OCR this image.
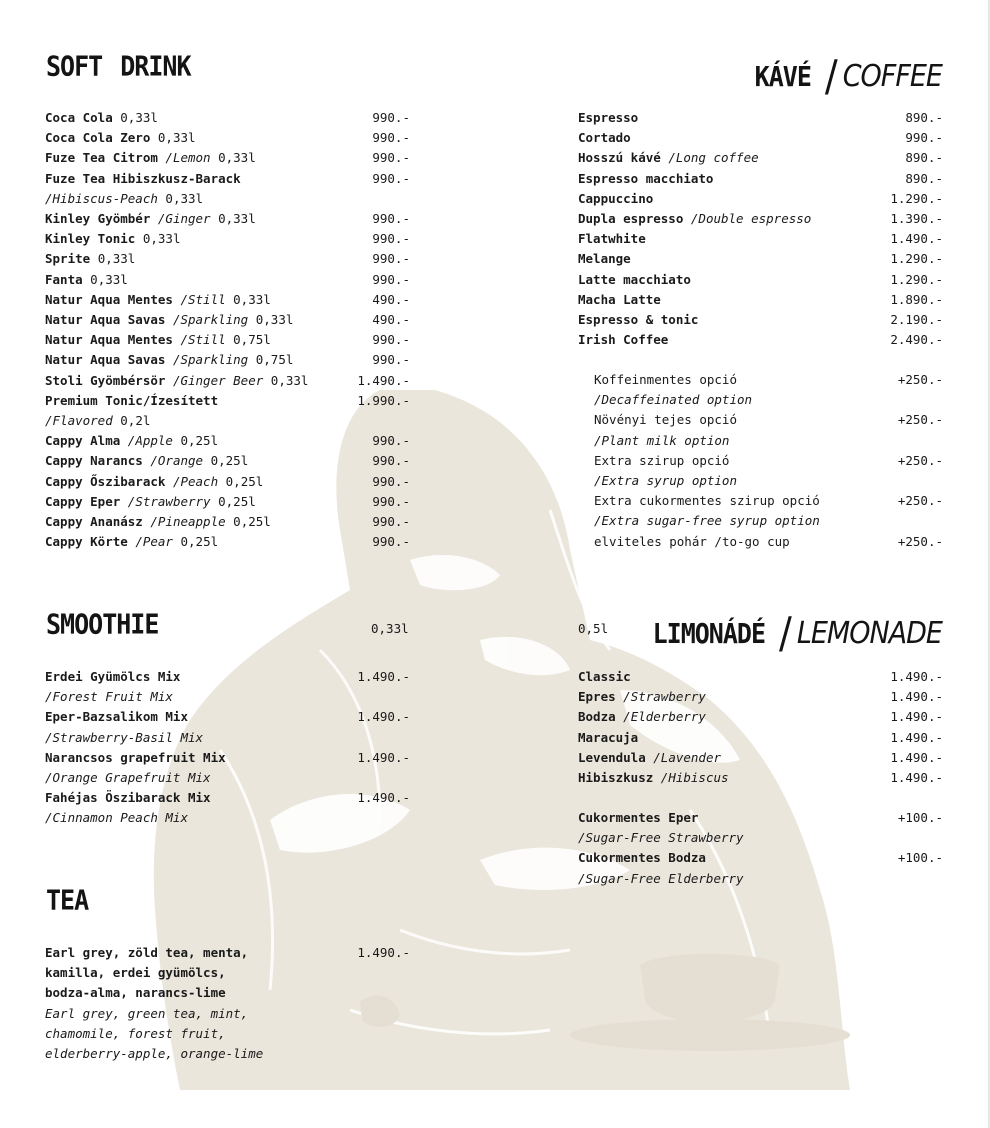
SOFT DRINK
Coca Cola 0,33l	990.-
Coca Cola Zero 0,33l	990.-
Fuze Tea Citrom /Lemon 0,33l	990.-
Fuze Tea Hibiszkusz-Barack	990.-
/Hibiscus-Peach 0,33l
Kinley Gyömbér /Ginger 0,33l	990.-
Kinley Tonic 0,33l	990.-
Sprite 0,33l	990.-
Fanta 0,33l	990.-
Natur Aqua Mentes /Still 0,33l	490.-
Natur Aqua Savas /Sparkling 0,33l	490.-
Natur Aqua Mentes /Still 0,75l	990.-
Natur Aqua Savas /Sparkling 0,75l	990.-
Stoli Gyömbérsör /Ginger Beer 0,33l	1.490.-
Premium Tonic/Ízesített	1.990.-
/Flavored 0,2l
Cappy Alma /Apple 0,25l	990.-
Cappy Narancs /Orange 0,25l	990.-
Cappy Őszibarack /Peach 0,25l	990.-
Cappy Eper /Strawberry 0,25l	990.-
Cappy Ananász /Pineapple 0,25l	990.-
Cappy Körte /Pear 0,25l	990.-
KÁVÉ / COFFEE
Espresso	890.-
Cortado	990.-
Hosszú kávé /Long coffee	890.-
Espresso macchiato	890.-
Cappuccino	1.290.-
Dupla espresso /Double espresso	1.390.-
Flatwhite	1.490.-
Melange	1.290.-
Latte macchiato	1.290.-
Macha Latte	1.890.-
Espresso & tonic	2.190.-
Irish Coffee	2.490.-
Koffeinmentes opció	+250.-
/Decaffeinated option
Növényi tejes opció	+250.-
/Plant milk option
Extra szirup opció	+250.-
/Extra syrup option
Extra cukormentes szirup opció	+250.-
/Extra sugar-free syrup option
elviteles pohár /to-go cup	+250.-
SMOOTHIE	0,33l
Erdei Gyümölcs Mix	1.490.-
/Forest Fruit Mix
Eper-Bazsalikom Mix	1.490.-
/Strawberry-Basil Mix
Narancsos grapefruit Mix	1.490.-
/Orange Grapefruit Mix
Fahéjas Öszibarack Mix	1.490.-
/Cinnamon Peach Mix
0,5l LIMONÁDÉ / LEMONADE
Classic	1.490.-
Epres /Strawberry	1.490.-
Bodza /Elderberry	1.490.-
Maracuja	1.490.-
Levendula /Lavender	1.490.-
Hibiszkusz /Hibiscus	1.490.-
Cukormentes Eper	+100.-
/Sugar-Free Strawberry
Cukormentes Bodza	+100.-
/Sugar-Free Elderberry
TEA
Earl grey, zöld tea, menta,	1.490.-
kamilla, erdei gyümölcs,
bodza-alma, narancs-lime
Earl grey, green tea, mint,
chamomile, forest fruit,
elderberry-apple, orange-lime
